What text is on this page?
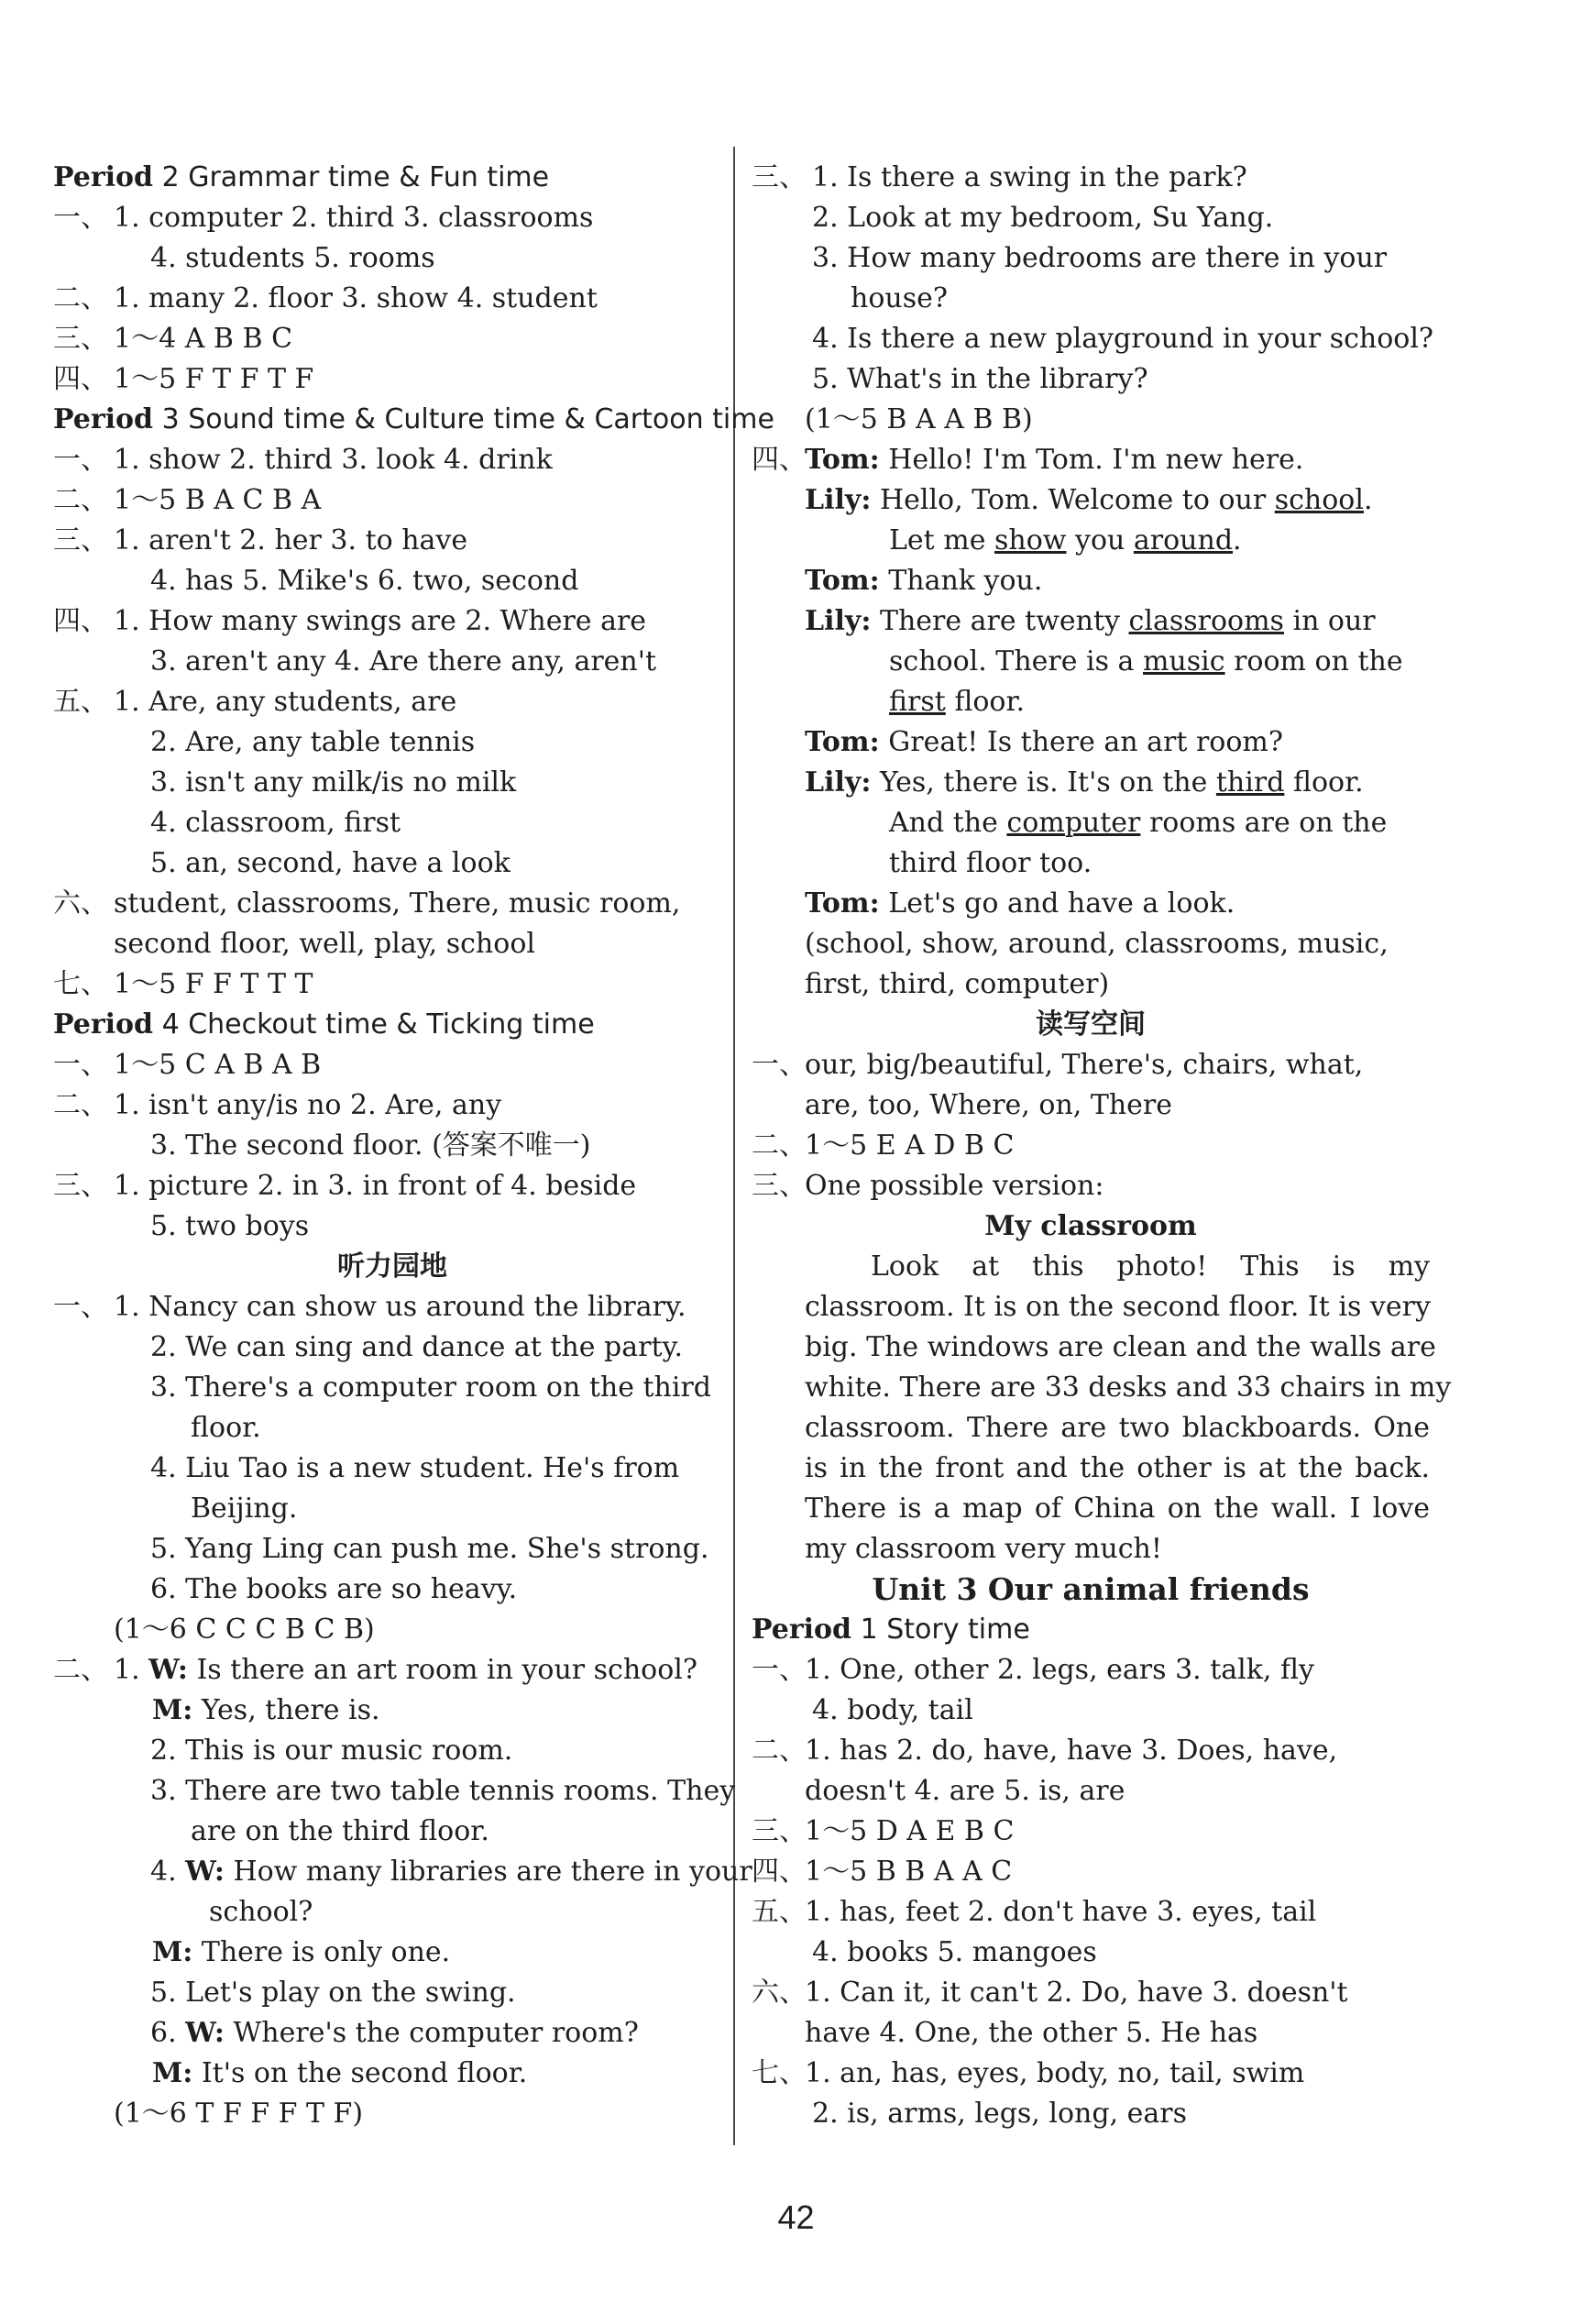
Period 2 Grammar time & Fun time
一、 1. computer 2. third 3. classrooms
4. students 5. rooms
二、 1. many 2. floor 3. show 4. student
三、 1～4 A B B C
四、 1～5 F T F T F
Period 3 Sound time & Culture time & Cartoon time
一、 1. show 2. third 3. look 4. drink
二、 1～5 B A C B A
三、 1. aren't 2. her 3. to have
4. has 5. Mike's 6. two, second
四、 1. How many swings are 2. Where are
3. aren't any 4. Are there any, aren't
五、 1. Are, any students, are
2. Are, any table tennis
3. isn't any milk/is no milk
4. classroom, first
5. an, second, have a look
六、 student, classrooms, There, music room,
second floor, well, play, school
七、 1～5 F F T T T
Period 4 Checkout time & Ticking time
一、 1～5 C A B A B
二、 1. isn't any/is no 2. Are, any
3. The second floor. (答案不唯一)
三、 1. picture 2. in 3. in front of 4. beside
5. two boys
听力园地
一、 1. Nancy can show us around the library.
2. We can sing and dance at the party.
3. There's a computer room on the third
floor.
4. Liu Tao is a new student. He's from
Beijing.
5. Yang Ling can push me. She's strong.
6. The books are so heavy.
(1～6 C C C B C B)
二、 1. W: Is there an art room in your school?
M: Yes, there is.
2. This is our music room.
3. There are two table tennis rooms. They
are on the third floor.
4. W: How many libraries are there in your
school?
M: There is only one.
5. Let's play on the swing.
6. W: Where's the computer room?
M: It's on the second floor.
(1～6 T F F F T F)
三、 1. Is there a swing in the park?
2. Look at my bedroom, Su Yang.
3. How many bedrooms are there in your
house?
4. Is there a new playground in your school?
5. What's in the library?
(1～5 B A A B B)
四、Tom: Hello! I'm Tom. I'm new here.
Lily: Hello, Tom. Welcome to our school.
Let me show you around.
Tom: Thank you.
Lily: There are twenty classrooms in our
school. There is a music room on the
first floor.
Tom: Great! Is there an art room?
Lily: Yes, there is. It's on the third floor.
And the computer rooms are on the
third floor too.
Tom: Let's go and have a look.
(school, show, around, classrooms, music,
first, third, computer)
读写空间
一、our, big/beautiful, There's, chairs, what,
are, too, Where, on, There
二、1～5 E A D B C
三、One possible version:
My classroom
Look at this photo! This is my
classroom. It is on the second floor. It is very
big. The windows are clean and the walls are
white. There are 33 desks and 33 chairs in my
classroom. There are two blackboards. One
is in the front and the other is at the back.
There is a map of China on the wall. I love
my classroom very much!
Unit 3 Our animal friends
Period 1 Story time
一、1. One, other 2. legs, ears 3. talk, fly
4. body, tail
二、1. has 2. do, have, have 3. Does, have,
doesn't 4. are 5. is, are
三、1～5 D A E B C
四、1～5 B B A A C
五、1. has, feet 2. don't have 3. eyes, tail
4. books 5. mangoes
六、1. Can it, it can't 2. Do, have 3. doesn't
have 4. One, the other 5. He has
七、1. an, has, eyes, body, no, tail, swim
2. is, arms, legs, long, ears
42
